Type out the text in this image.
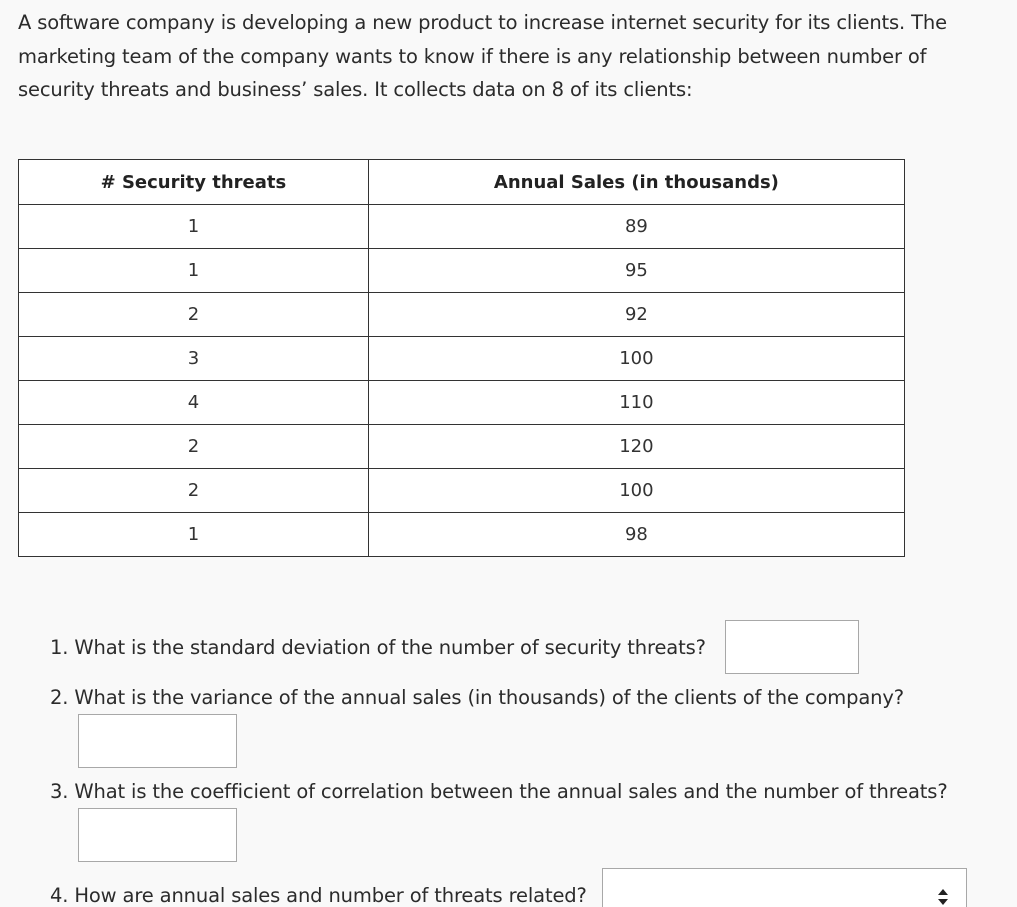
A software company is developing a new product to increase internet security for its clients. The marketing team of the company wants to know if there is any relationship between number of security threats and business’ sales. It collects data on 8 of its clients:

# Security threats	Annual Sales (in thousands)
1	89
1	95
2	92
3	100
4	110
2	120
2	100
1	98
1. What is the standard deviation of the number of security threats?
2. What is the variance of the annual sales (in thousands) of the clients of the company?
3. What is the coefficient of correlation between the annual sales and the number of threats?
4. How are annual sales and number of threats related?
